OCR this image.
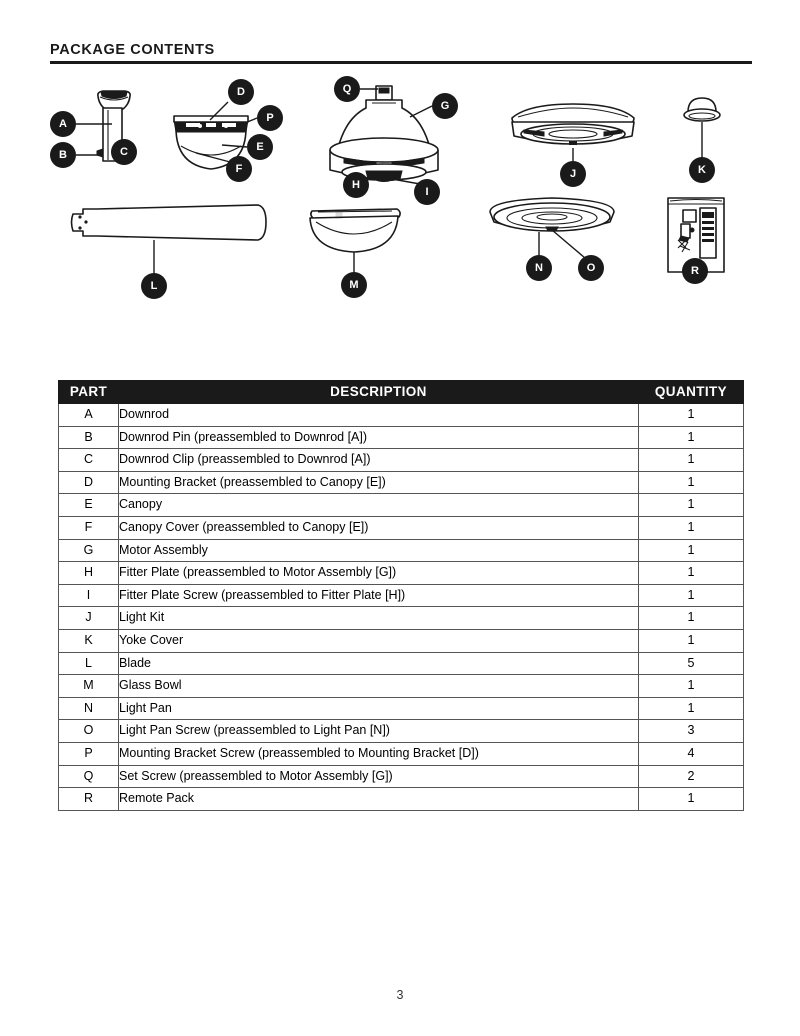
PACKAGE CONTENTS
A
B	C
D
P
E
F
Q
G
H
I
J	K
L	M
N	O	R
PART	DESCRIPTION	QUANTITY
A	Downrod	1
B	Downrod Pin (preassembled to Downrod [A])	1
C	Downrod Clip (preassembled to Downrod [A])	1
D	Mounting Bracket (preassembled to Canopy [E])	1
E	Canopy	1
F	Canopy Cover (preassembled to Canopy [E])	1
G	Motor Assembly	1
H	Fitter Plate (preassembled to Motor Assembly [G])	1
I	Fitter Plate Screw (preassembled to Fitter Plate [H])	1
J	Light Kit	1
K	Yoke Cover	1
L	Blade	5
M	Glass Bowl	1
N	Light Pan	1
O	Light Pan Screw (preassembled to Light Pan [N])	3
P	Mounting Bracket Screw (preassembled to Mounting Bracket [D])	4
Q	Set Screw (preassembled to Motor Assembly [G])	2
R	Remote Pack	1
3
